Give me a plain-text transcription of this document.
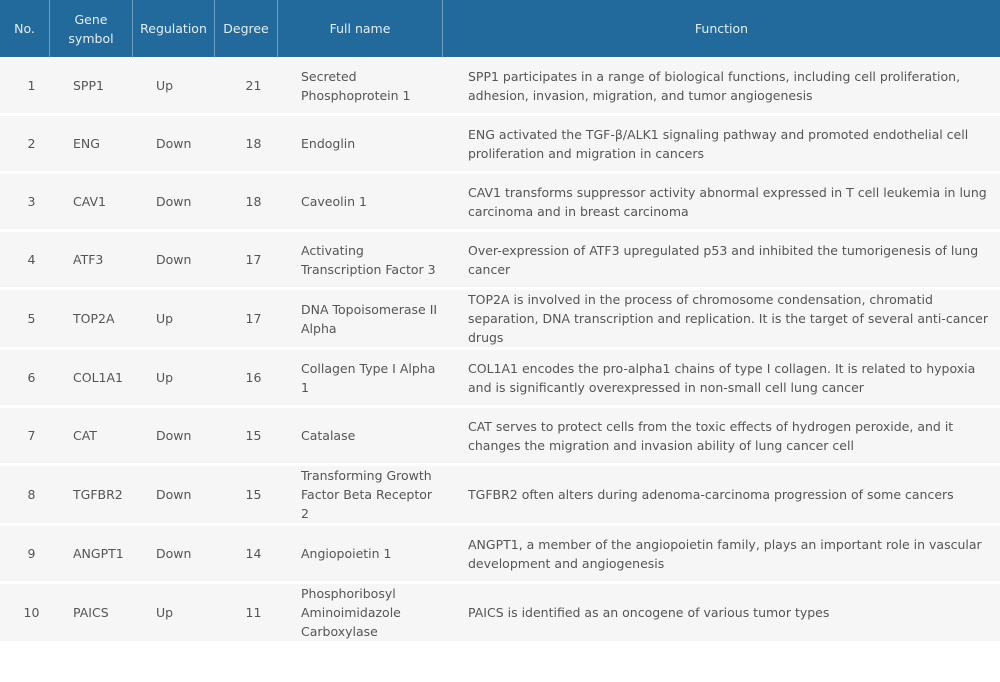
No.	Gene symbol	Regulation	Degree	Full name	Function
1	SPP1	Up	21	Secreted Phosphoprotein 1	SPP1 participates in a range of biological functions, including cell proliferation, adhesion, invasion, migration, and tumor angiogenesis
2	ENG	Down	18	Endoglin	ENG activated the TGF-β/ALK1 signaling pathway and promoted endothelial cell proliferation and migration in cancers
3	CAV1	Down	18	Caveolin 1	CAV1 transforms suppressor activity abnormal expressed in T cell leukemia in lung carcinoma and in breast carcinoma
4	ATF3	Down	17	Activating Transcription Factor 3	Over-expression of ATF3 upregulated p53 and inhibited the tumorigenesis of lung cancer
5	TOP2A	Up	17	DNA Topoisomerase II Alpha	TOP2A is involved in the process of chromosome condensation, chromatid separation, DNA transcription and replication. It is the target of several anti-cancer drugs
6	COL1A1	Up	16	Collagen Type I Alpha 1	COL1A1 encodes the pro-alpha1 chains of type I collagen. It is related to hypoxia and is significantly overexpressed in non-small cell lung cancer
7	CAT	Down	15	Catalase	CAT serves to protect cells from the toxic effects of hydrogen peroxide, and it changes the migration and invasion ability of lung cancer cell
8	TGFBR2	Down	15	Transforming Growth Factor Beta Receptor 2	TGFBR2 often alters during adenoma-carcinoma progression of some cancers
9	ANGPT1	Down	14	Angiopoietin 1	ANGPT1, a member of the angiopoietin family, plays an important role in vascular development and angiogenesis
10	PAICS	Up	11	Phosphoribosyl Aminoimidazole Carboxylase	PAICS is identified as an oncogene of various tumor types
